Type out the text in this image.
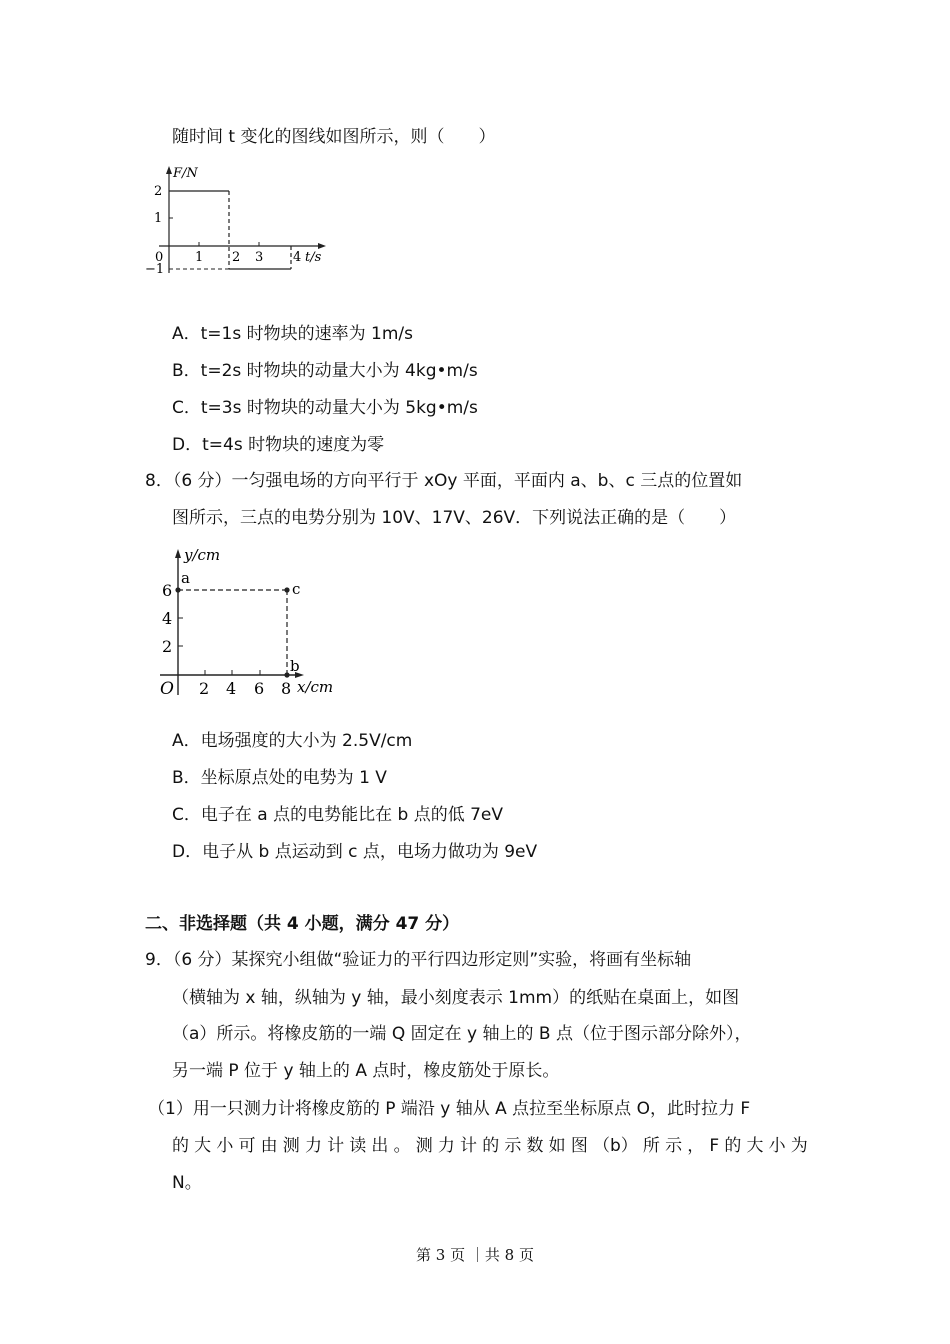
随时间 t 变化的图线如图所示，则（　　）
F/N
2
1
−1
0 1 2 3 4 t/s
A．t=1s 时物块的速率为 1m/s
B．t=2s 时物块的动量大小为 4kg•m/s
C．t=3s 时物块的动量大小为 5kg•m/s
D．t=4s 时物块的速度为零
8．（6 分）一匀强电场的方向平行于 xOy 平面，平面内 a、b、c 三点的位置如
图所示，三点的电势分别为 10V、17V、26V．下列说法正确的是（　　）
y/cm
a
c
b
6
4
2
O 2 4 6 8 x/cm
A．电场强度的大小为 2.5V/cm
B．坐标原点处的电势为 1 V
C．电子在 a 点的电势能比在 b 点的低 7eV
D．电子从 b 点运动到 c 点，电场力做功为 9eV
二、非选择题（共 4 小题，满分 47 分）
9．（6 分）某探究小组做“验证力的平行四边形定则”实验，将画有坐标轴
（横轴为 x 轴，纵轴为 y 轴，最小刻度表示 1mm）的纸贴在桌面上，如图
（a）所示。将橡皮筋的一端 Q 固定在 y 轴上的 B 点（位于图示部分除外），
另一端 P 位于 y 轴上的 A 点时，橡皮筋处于原长。
（1）用一只测力计将橡皮筋的 P 端沿 y 轴从 A 点拉至坐标原点 O，此时拉力 F
的 大 小 可 由 测 力 计 读 出 。 测 力 计 的 示 数 如 图 （b） 所 示 ， F 的 大 小 为
N。
第 3 页 ｜共 8 页
